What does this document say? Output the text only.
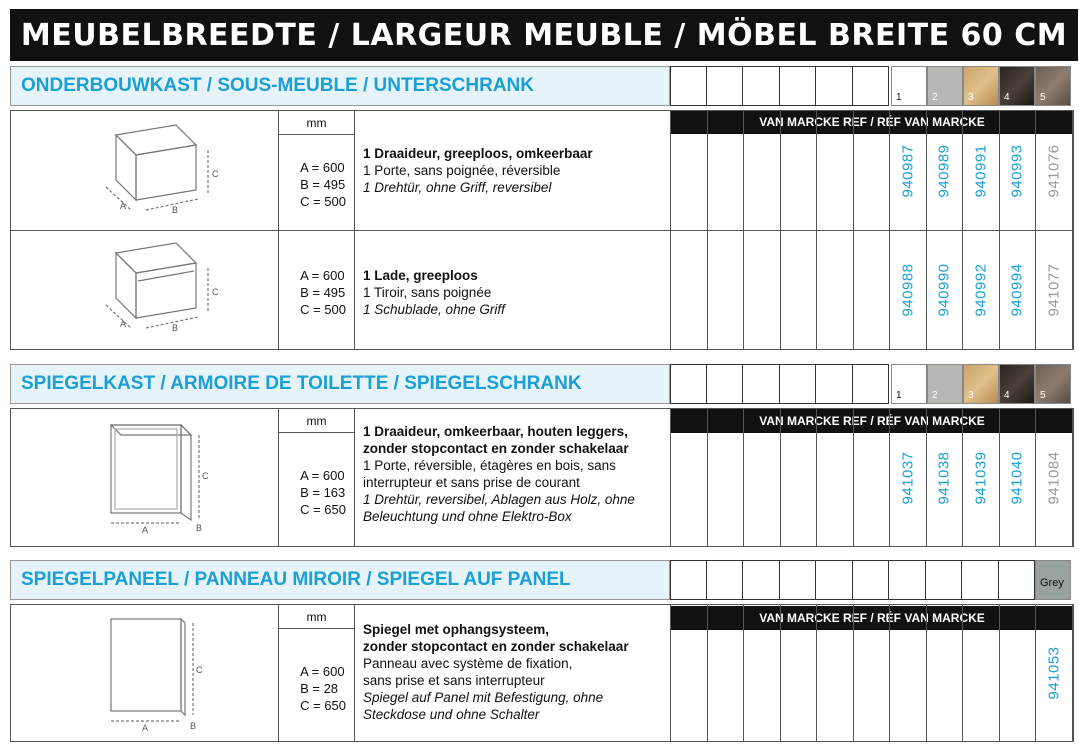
MEUBELBREEDTE / LARGEUR MEUBLE / MÖBEL BREITE 60 CM
ONDERBOUWKAST / SOUS-MEUBLE / UNTERSCHRANK
1	2	3	4	5
VAN MARCKE REF / RÉF VAN MARCKE
A	B
C
mm
A = 600
B = 495
C = 500
1 Draaideur, greeploos, omkeerbaar
1 Porte, sans poignée, réversible
1 Drehtür, ohne Griff, reversibel	940987 940989 940991 940993 941076
A	B
C
A = 600
B = 495
C = 500
1 Lade, greeploos
1 Tiroir, sans poignée
1 Schublade, ohne Griff	940988 940990 940992 940994 941077
SPIEGELKAST / ARMOIRE DE TOILETTE / SPIEGELSCHRANK
1	2	3	4	5
VAN MARCKE REF / RÉF VAN MARCKE
A	B
C
mm
A = 600
B = 163
C = 650
1 Draaideur, omkeerbaar, houten leggers,
zonder stopcontact en zonder schakelaar
1 Porte, réversible, étagères en bois, sans
interrupteur et sans prise de courant
1 Drehtür, reversibel, Ablagen aus Holz, ohne
Beleuchtung und ohne Elektro-Box
941037 941038 941039 941040 941084
SPIEGELPANEEL / PANNEAU MIROIR / SPIEGEL AUF PANEL	Grey
VAN MARCKE REF / RÉF VAN MARCKE
A	B
C
mm
A = 600
B = 28
C = 650
Spiegel met ophangsysteem,
zonder stopcontact en zonder schakelaar
Panneau avec système de fixation,
sans prise et sans interrupteur
Spiegel auf Panel mit Befestigung, ohne
Steckdose und ohne Schalter
941053
